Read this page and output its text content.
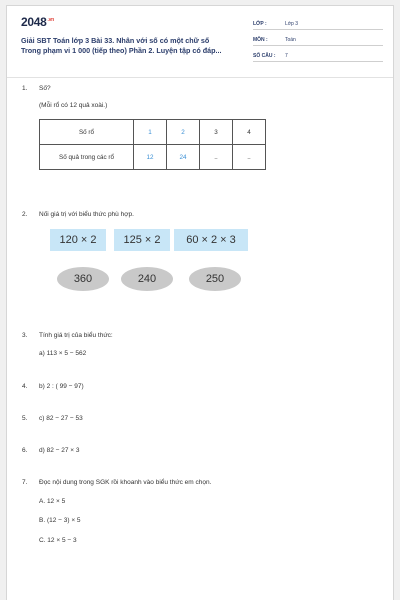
$2048^{.vn}$
Giải SBT Toán lớp 3 Bài 33. Nhân với số có một chữ số
Trong phạm vi 1 000 (tiếp theo) Phần 2. Luyện tập có đáp...
LỚP :	Lớp 3
MÔN :	Toán
SỐ CÂU : 7
1.	Số?
(Mỗi rổ có 12 quả xoài.)
Số rổ	1	2	3	4
Số quả trong các rổ	12	24	..	..
2.	Nối giá trị với biểu thức phù hợp.
120 × 2	125 × 2	60 × 2 × 3
360	240	250
3.	Tính giá trị của biểu thức:
a) 113 × 5 − 562
4.	b) 2 : ( 99 − 97)
5.	c) 82 − 27 − 53
6.	d) 82 − 27 × 3
7.	Đọc nội dung trong SGK rồi khoanh vào biểu thức em chọn.
A. 12 × 5
B. (12 − 3) × 5
C. 12 × 5 − 3
